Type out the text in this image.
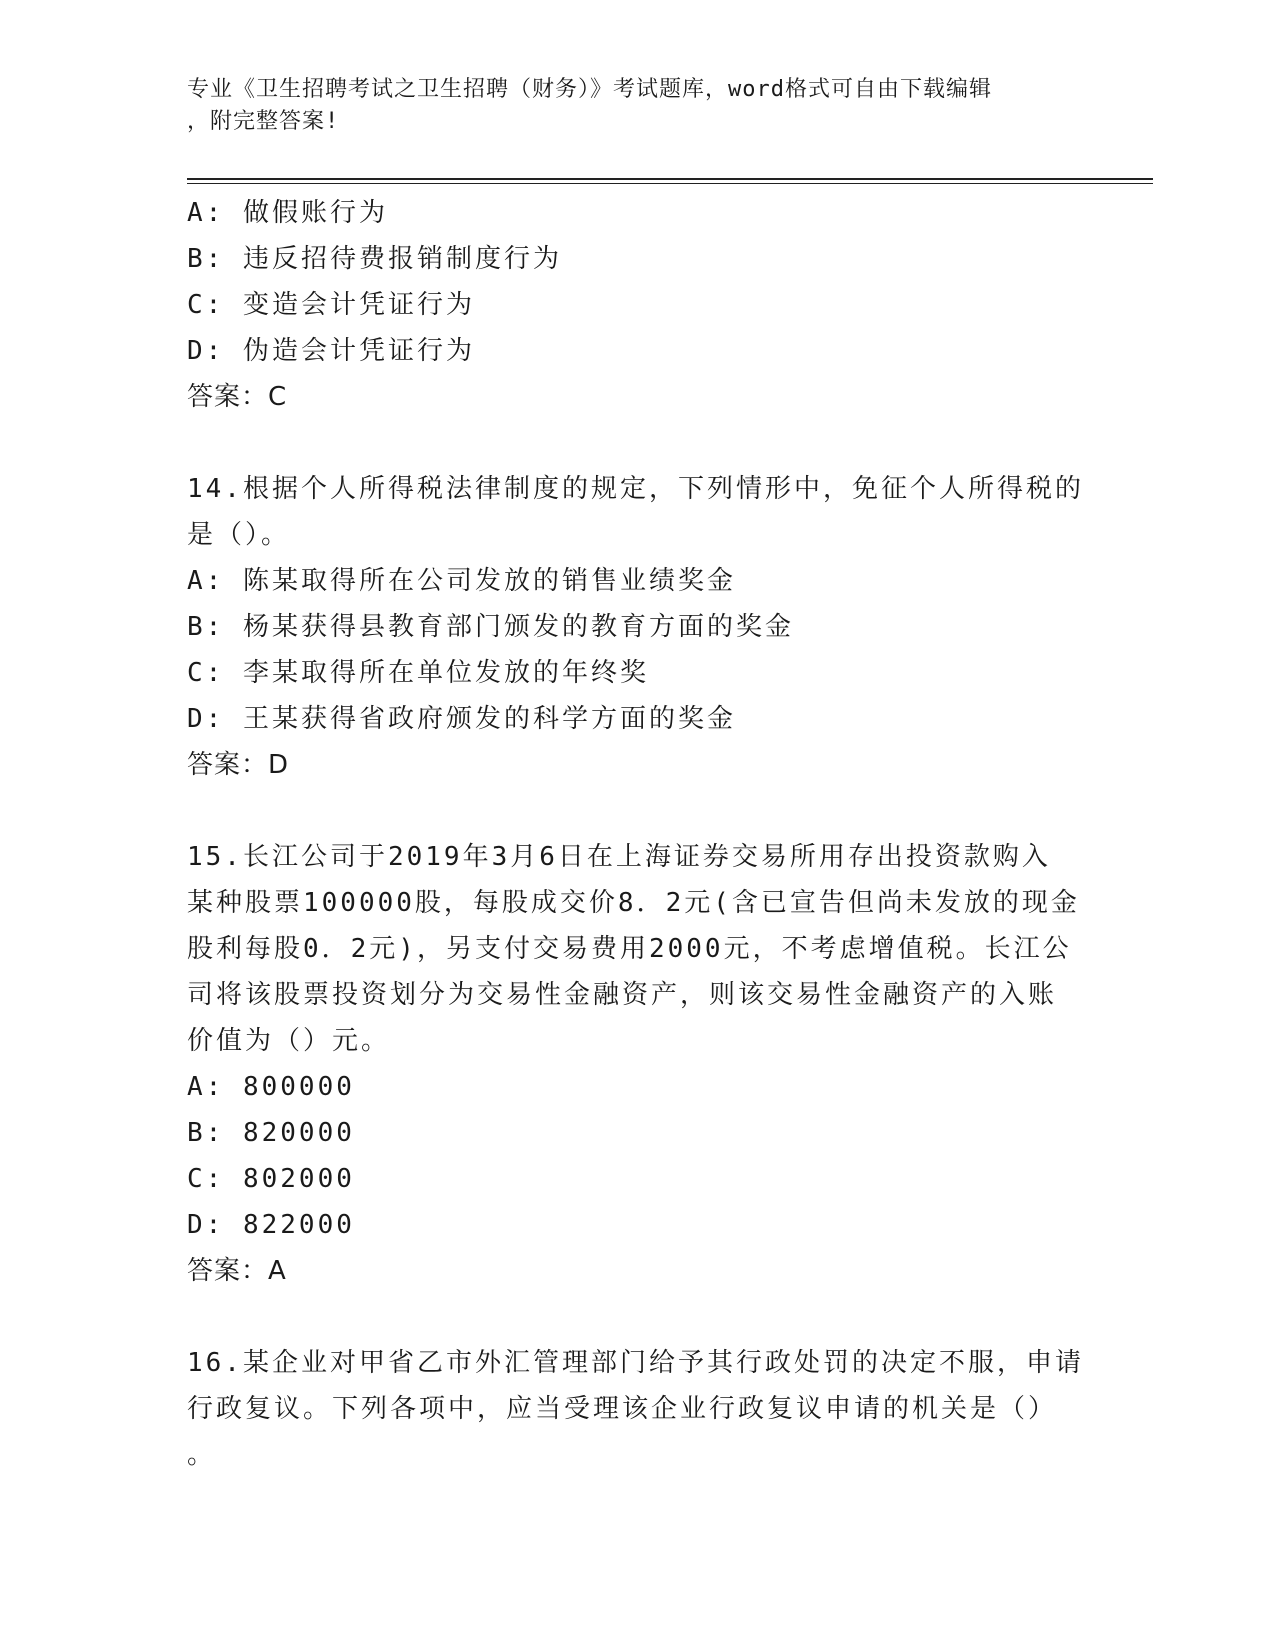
专业《卫生招聘考试之卫生招聘（财务）》考试题库，word格式可自由下载编辑
，附完整答案!
A: 做假账行为
B: 违反招待费报销制度行为
C: 变造会计凭证行为
D: 伪造会计凭证行为
答案：C
14.根据个人所得税法律制度的规定，下列情形中，免征个人所得税的
是（）。
A: 陈某取得所在公司发放的销售业绩奖金
B: 杨某获得县教育部门颁发的教育方面的奖金
C: 李某取得所在单位发放的年终奖
D: 王某获得省政府颁发的科学方面的奖金
答案：D
15.长江公司于2019年3月6日在上海证券交易所用存出投资款购入
某种股票100000股，每股成交价8．2元(含已宣告但尚未发放的现金
股利每股0．2元)，另支付交易费用2000元，不考虑增值税。长江公
司将该股票投资划分为交易性金融资产，则该交易性金融资产的入账
价值为（）元。
A: 800000
B: 820000
C: 802000
D: 822000
答案：A
16.某企业对甲省乙市外汇管理部门给予其行政处罚的决定不服，申请
行政复议。下列各项中，应当受理该企业行政复议申请的机关是（）
。
